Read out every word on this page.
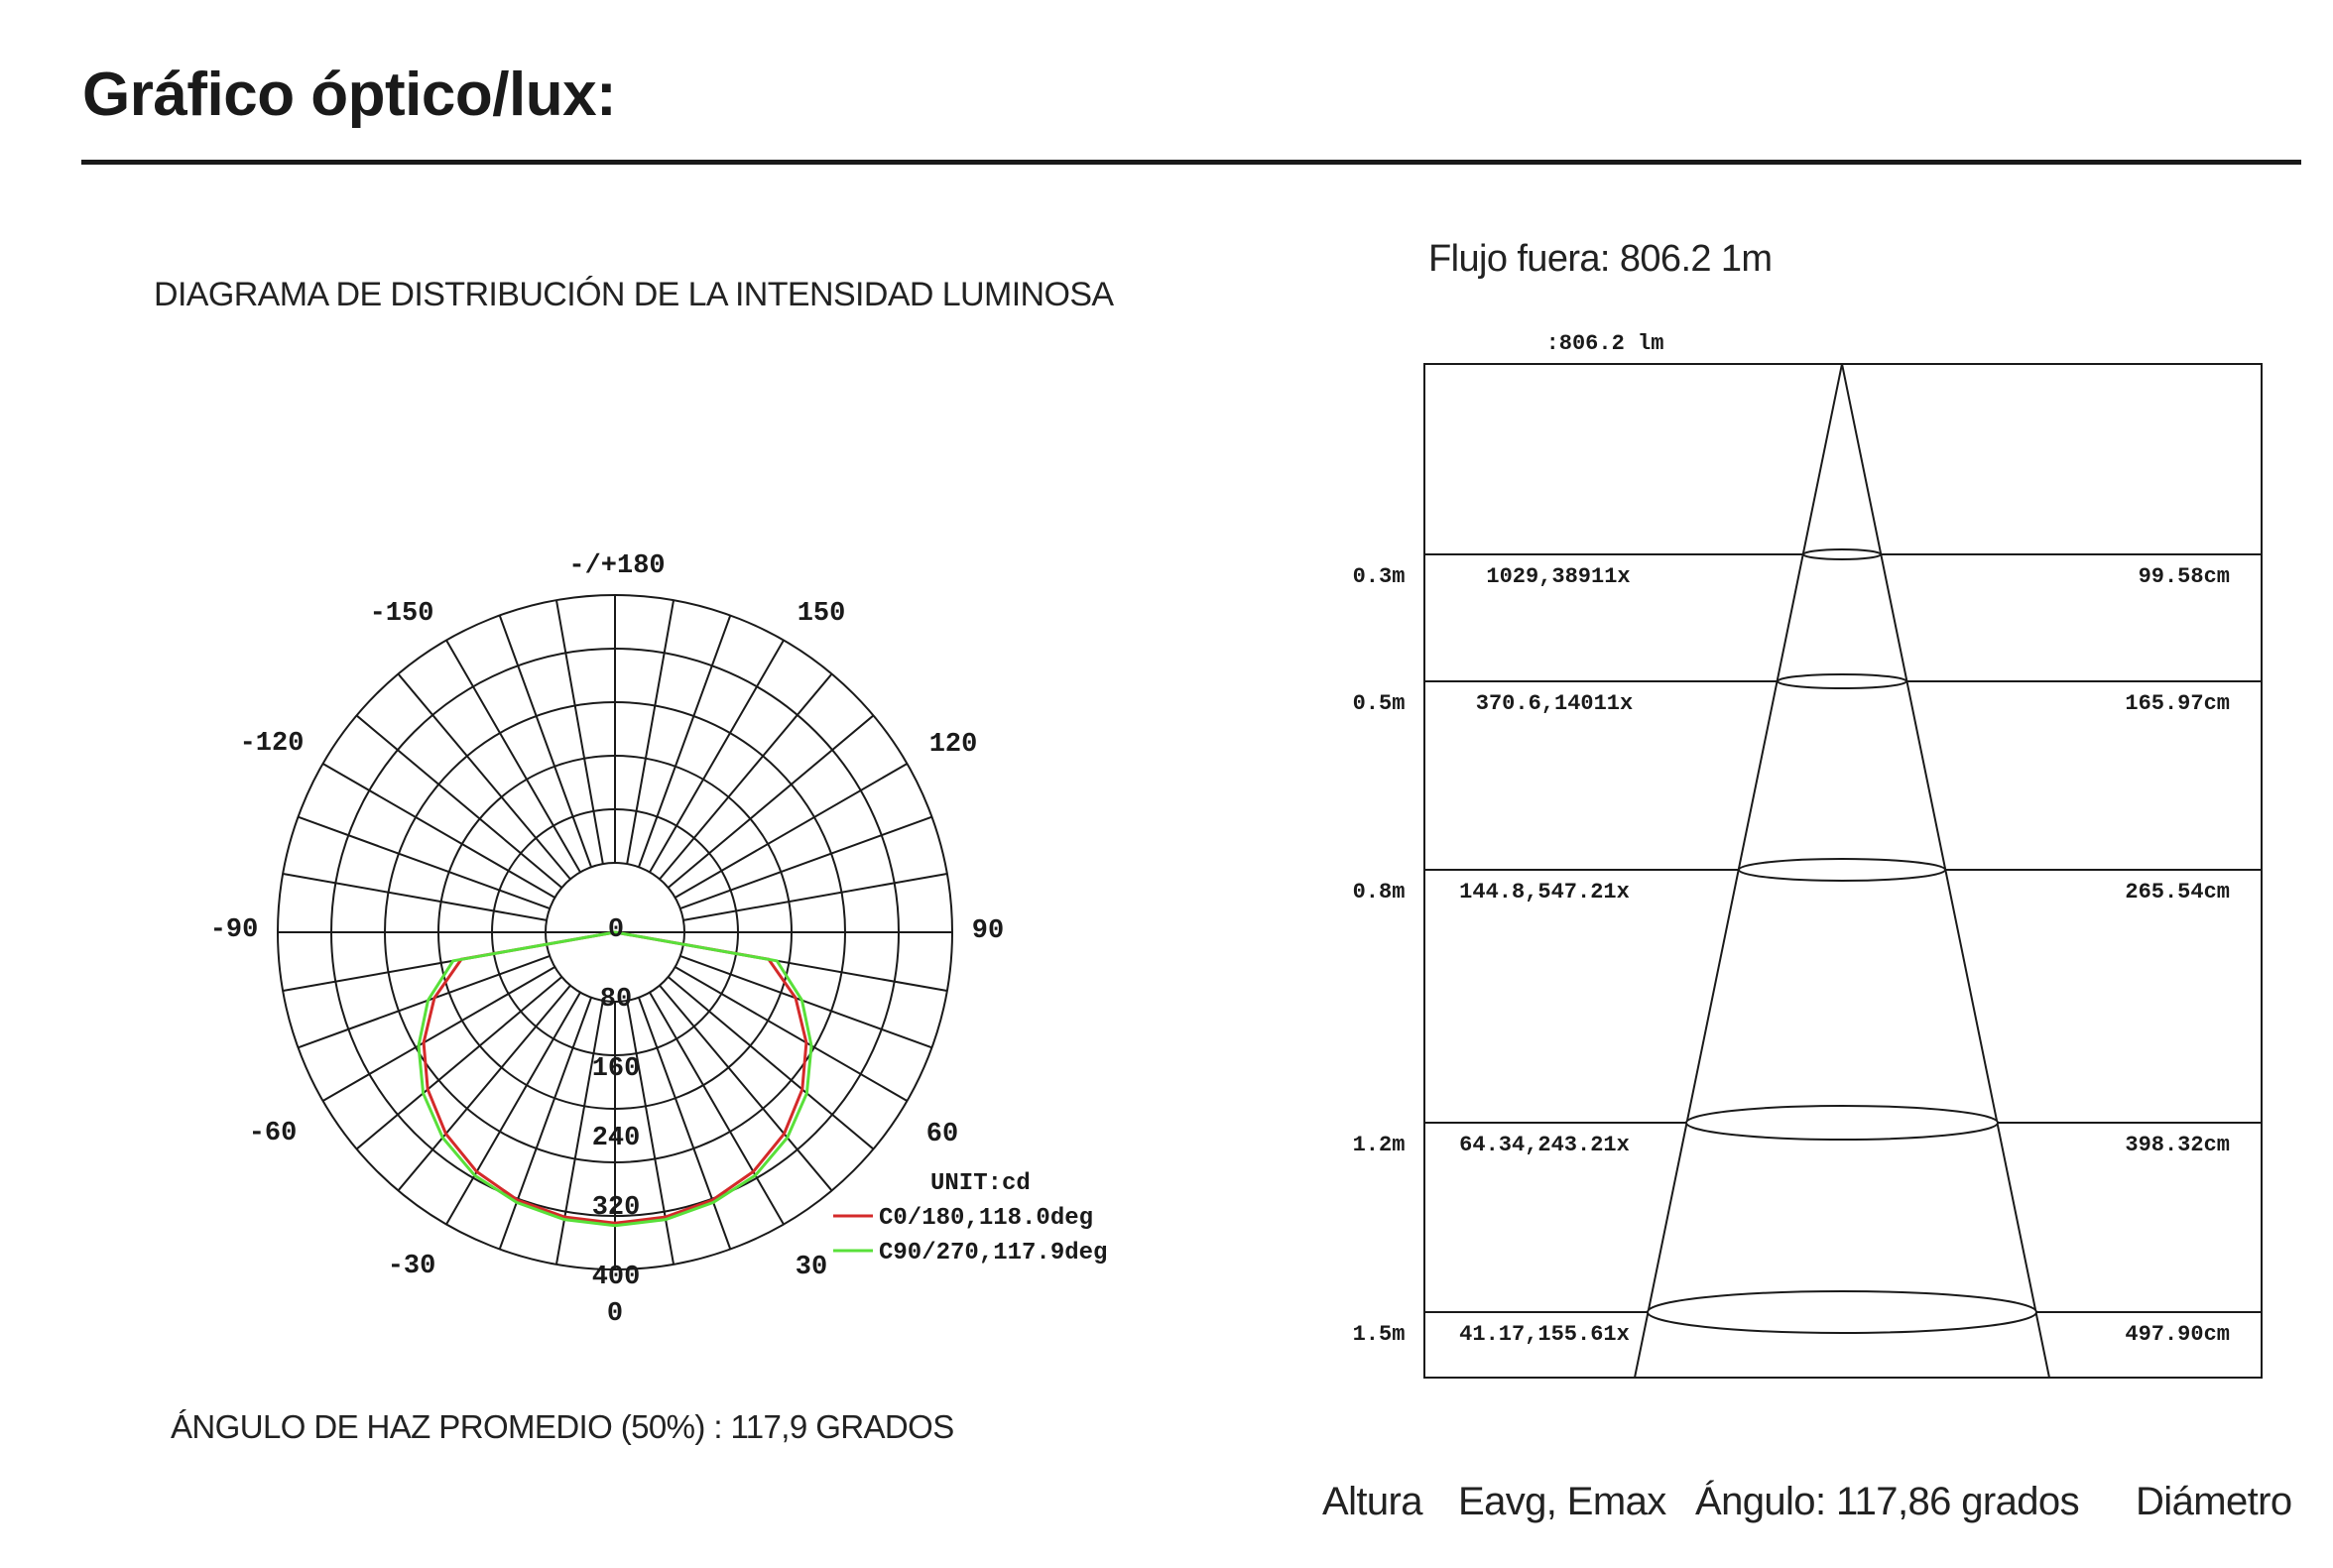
Gráfico óptico/lux:
DIAGRAMA DE DISTRIBUCIÓN DE LA INTENSIDAD LUMINOSA
ÁNGULO DE HAZ PROMEDIO (50%) : 117,9 GRADOS
Flujo fuera: 806.2 1m
Altura Eavg, Emax Ángulo: 117,86 grados Diámetro
-/+180
-150	150
-120	120
-90	90
-60	60
-30	30
0
0
80
160
240
320
400
UNIT:cd
C0/180,118.0deg
C90/270,117.9deg
:806.2 lm
0.3m	1029,38911x	99.58cm
0.5m	370.6,14011x	165.97cm
0.8m 144.8,547.21x	265.54cm
1.2m 64.34,243.21x	398.32cm
1.5m 41.17,155.61x	497.90cm
